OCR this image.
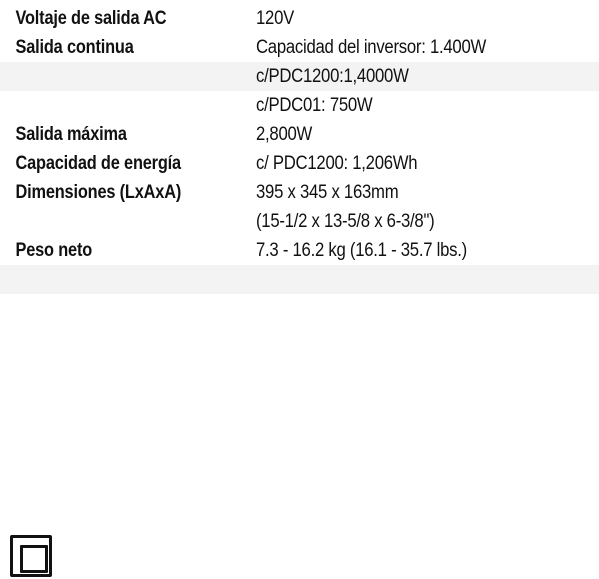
Voltaje de salida AC	120V
Salida continua	Capacidad del inversor: 1.400W
c/PDC1200:1,4000W
c/PDC01: 750W
Salida máxima	2,800W
Capacidad de energía	c/ PDC1200: 1,206Wh
Dimensiones (LxAxA)	395 x 345 x 163mm
(15-1/2 x 13-5/8 x 6-3/8")
Peso neto	7.3 - 16.2 kg (16.1 - 35.7 lbs.)
